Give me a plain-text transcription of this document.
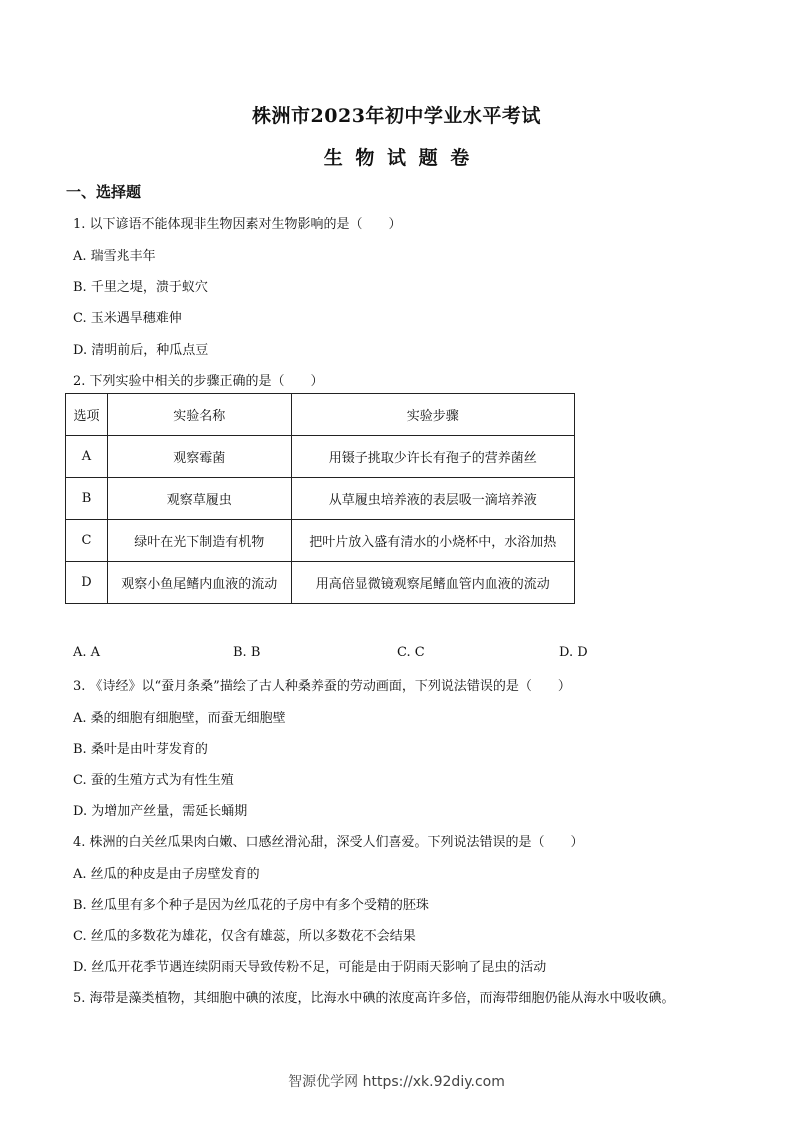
株洲市2023年初中学业水平考试
生 物 试 题 卷
一、选择题
1. 以下谚语不能体现非生物因素对生物影响的是（　　）
A. 瑞雪兆丰年
B. 千里之堤，溃于蚁穴
C. 玉米遇旱穗难伸
D. 清明前后，种瓜点豆
2. 下列实验中相关的步骤正确的是（　　）
选项	实验名称	实验步骤
A	观察霉菌	用镊子挑取少许长有孢子的营养菌丝
B	观察草履虫	从草履虫培养液的表层吸一滴培养液
C	绿叶在光下制造有机物	把叶片放入盛有清水的小烧杯中，水浴加热
D	观察小鱼尾鳍内血液的流动	用高倍显微镜观察尾鳍血管内血液的流动
A. A	B. B	C. C	D. D
3. 《诗经》以“蚕月条桑”描绘了古人种桑养蚕的劳动画面，下列说法错误的是（　　）
A. 桑的细胞有细胞壁，而蚕无细胞壁
B. 桑叶是由叶芽发育的
C. 蚕的生殖方式为有性生殖
D. 为增加产丝量，需延长蛹期
4. 株洲的白关丝瓜果肉白嫩、口感丝滑沁甜，深受人们喜爱。下列说法错误的是（　　）
A. 丝瓜的种皮是由子房壁发育的
B. 丝瓜里有多个种子是因为丝瓜花的子房中有多个受精的胚珠
C. 丝瓜的多数花为雄花，仅含有雄蕊，所以多数花不会结果
D. 丝瓜开花季节遇连续阴雨天导致传粉不足，可能是由于阴雨天影响了昆虫的活动
5. 海带是藻类植物，其细胞中碘的浓度，比海水中碘的浓度高许多倍，而海带细胞仍能从海水中吸收碘。
智源优学网 https://xk.92diy.com
